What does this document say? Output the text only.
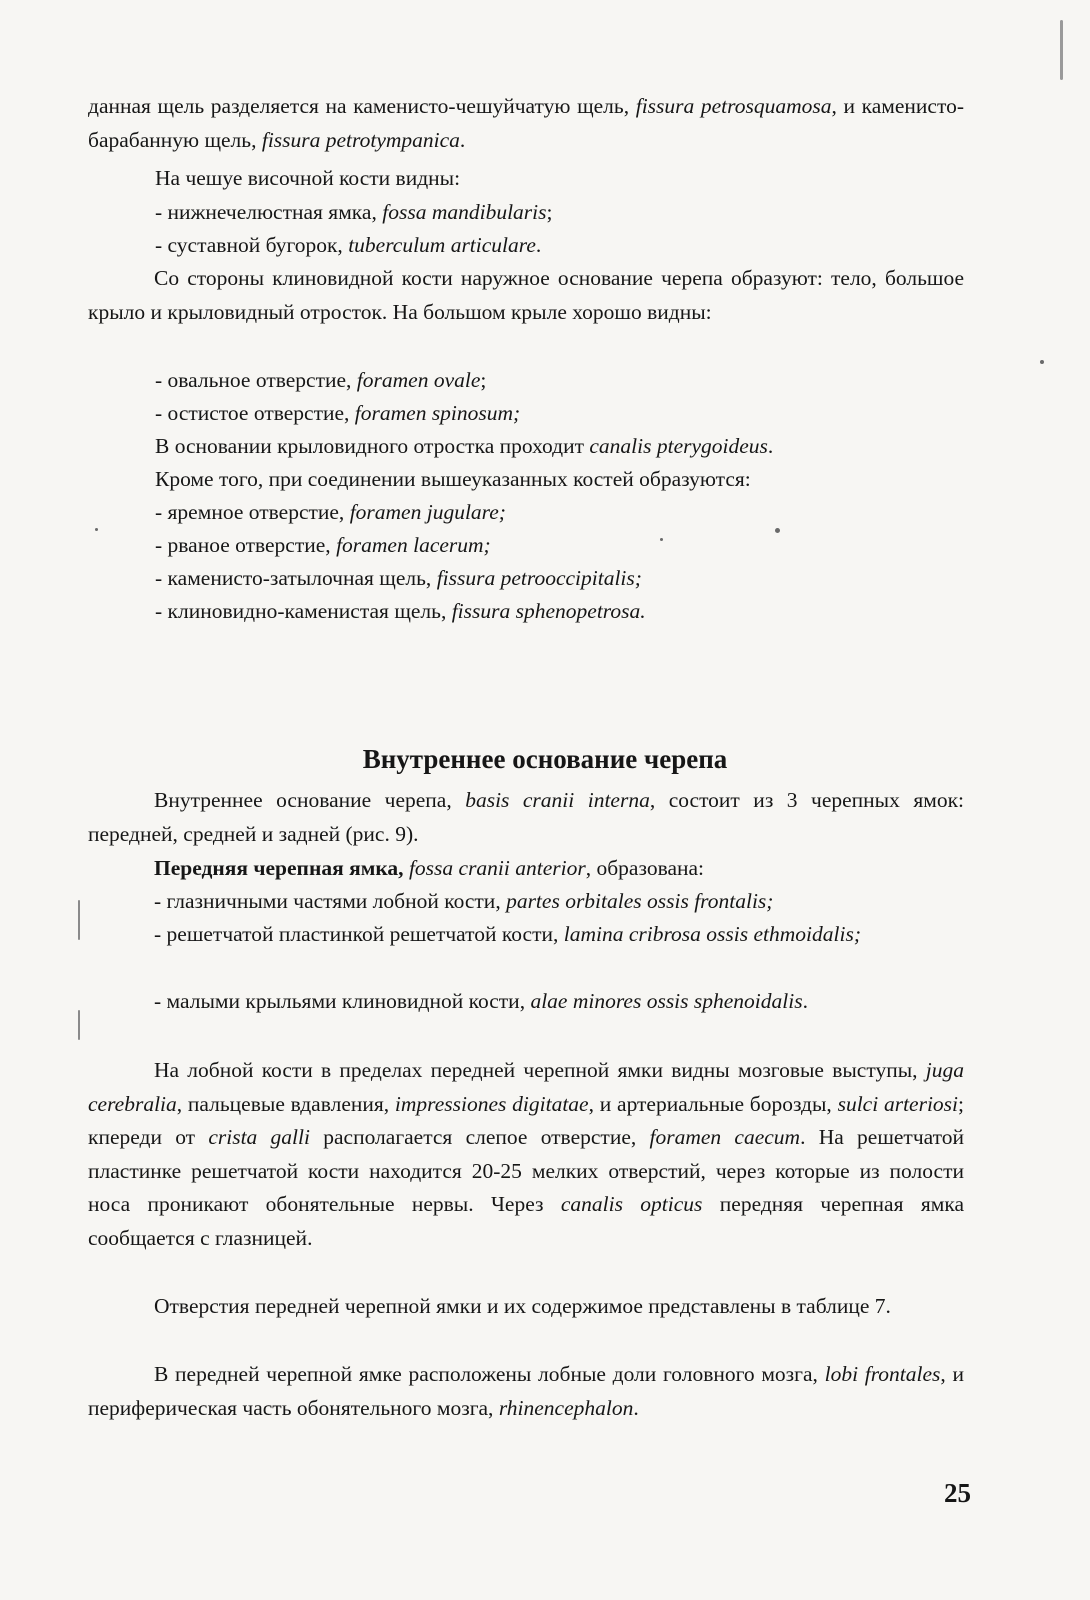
данная щель разделяется на каменисто-чешуйчатую щель, fissura petrosquamosa, и каменисто-барабанную щель, fissura petrotympanica.

На чешуе височной кости видны:

- нижнечелюстная ямка, fossa mandibularis;
- суставной бугорок, tuberculum articulare.

Со стороны клиновидной кости наружное основание черепа образуют: тело, большое крыло и крыловидный отросток. На большом крыле хорошо видны:

- овальное отверстие, foramen ovale;
- остистое отверстие, foramen spinosum;
В основании крыловидного отростка проходит canalis pterygoideus.
Кроме того, при соединении вышеуказанных костей образуются:
- яремное отверстие, foramen jugulare;
- рваное отверстие, foramen lacerum;
- каменисто-затылочная щель, fissura petrooccipitalis;
- клиновидно-каменистая щель, fissura sphenopetrosa.
Внутреннее основание черепа

Внутреннее основание черепа, basis cranii interna, состоит из 3 черепных ямок: передней, средней и задней (рис. 9).

Передняя черепная ямка, fossa cranii anterior, образована:

- глазничными частями лобной кости, partes orbitales ossis frontalis;

- решетчатой пластинкой решетчатой кости, lamina cribrosa ossis ethmoidalis;

- малыми крыльями клиновидной кости, alae minores ossis sphenoidalis.

На лобной кости в пределах передней черепной ямки видны мозговые выступы, juga cerebralia, пальцевые вдавления, impressiones digitatae, и артериальные борозды, sulci arteriosi; кпереди от crista galli располагается слепое отверстие, foramen caecum. На решетчатой пластинке решетчатой кости находится 20-25 мелких отверстий, через которые из полости носа проникают обонятельные нервы. Через canalis opticus передняя черепная ямка сообщается с глазницей.

Отверстия передней черепной ямки и их содержимое представлены в таблице 7.

В передней черепной ямке расположены лобные доли головного мозга, lobi frontales, и периферическая часть обонятельного мозга, rhinencephalon.

25
